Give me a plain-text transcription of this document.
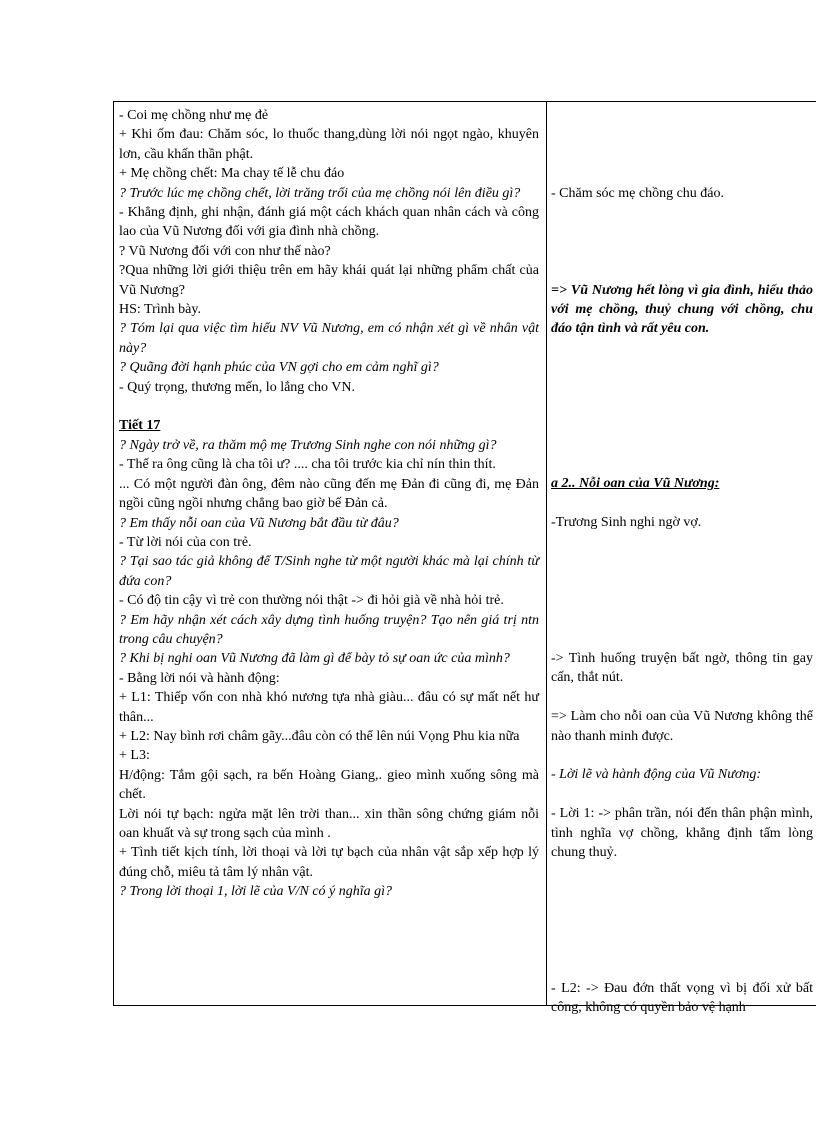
- Coi mẹ chồng như mẹ đẻ

+ Khi ốm đau: Chăm sóc, lo thuốc thang,dùng lời nói ngọt ngào, khuyên lơn, cầu khấn thần phật.

+ Mẹ chồng chết: Ma chay tế lễ chu đáo

? Trước lúc mẹ chồng chết, lời trăng trối của mẹ chồng nói lên điều gì?

- Khẳng định, ghi nhận, đánh giá một cách khách quan nhân cách và công lao của Vũ Nương đối với gia đình nhà chồng.

? Vũ Nương đối với con như thế nào?

?Qua những lời giới thiệu trên em hãy khái quát lại những phẩm chất của Vũ Nương?

HS: Trình bày.

? Tóm lại qua việc tìm hiểu NV Vũ Nương, em có nhận xét gì về nhân vật này?

? Quãng đời hạnh phúc của VN gợi cho em cảm nghĩ gì?

- Quý trọng, thương mến, lo lắng cho VN.

Tiết 17

? Ngày trở về, ra thăm mộ mẹ Trương Sinh nghe con nói những gì?

- Thế ra ông cũng là cha tôi ư? .... cha tôi trước kia chỉ nín thin thít.

... Có một người đàn ông, đêm nào cũng đến mẹ Đản đi cũng đi, mẹ Đản ngồi cũng ngồi nhưng chẳng bao giờ bế Đản cả.

? Em thấy nỗi oan của Vũ Nương bắt đầu từ đâu?

- Từ lời nói của con trẻ.

? Tại sao tác giả không để T/Sinh nghe từ một người khác mà lại chính từ đứa con?

- Có độ tin cậy vì trẻ con thường nói thật -> đi hỏi già về nhà hỏi trẻ.

? Em hãy nhận xét cách xây dựng tình huống truyện? Tạo nên giá trị ntn trong câu chuyện?

? Khi bị nghi oan Vũ Nương đã làm gì để bày tỏ sự oan ức của mình?

- Bằng lời nói và hành động:

+ L1: Thiếp vốn con nhà khó nương tựa nhà giàu... đâu có sự mất nết hư thân...

+ L2: Nay bình rơi châm gãy...đâu còn có thể lên núi Vọng Phu kia nữa

+ L3:

H/động: Tắm gội sạch, ra bến Hoàng Giang,. gieo mình xuống sông mà chết.

Lời nói tự bạch: ngửa mặt lên trời than... xin thần sông chứng giám nỗi oan khuất và sự trong sạch của mình .

+ Tình tiết kịch tính, lời thoại và lời tự bạch của nhân vật sắp xếp hợp lý đúng chỗ, miêu tả tâm lý nhân vật.

? Trong lời thoại 1, lời lẽ của V/N có ý nghĩa gì?

- Chăm sóc mẹ chồng chu đáo.

=> Vũ Nương hết lòng vì gia đình, hiếu thảo với mẹ chồng, thuỷ chung với chồng, chu đáo tận tình và rất yêu con.

a 2.. Nỗi oan của Vũ Nương:

-Trương Sinh nghi ngờ vợ.

-> Tình huống truyện bất ngờ, thông tin gay cấn, thắt nút.

=> Làm cho nỗi oan của Vũ Nương không thể nào thanh minh được.

- Lời lẽ và hành động của Vũ Nương:

- Lời 1: -> phân trần, nói đến thân phận mình, tình nghĩa vợ chồng, khẳng định tấm lòng chung thuỷ.

- L2: -> Đau đớn thất vọng vì bị đối xử bất công, không có quyền bảo vệ hạnh
